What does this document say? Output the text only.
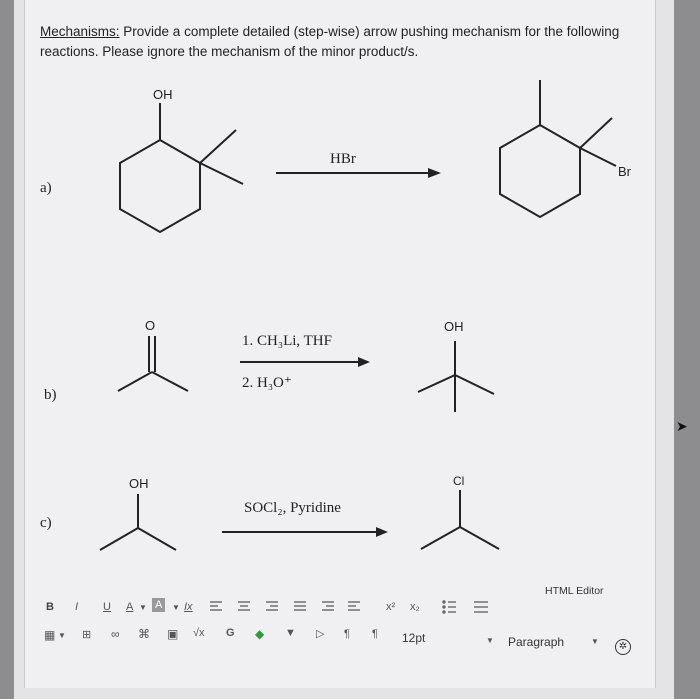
Mechanisms: Provide a complete detailed (step-wise) arrow pushing mechanism for the following reactions. Please ignore the mechanism of the minor product/s.
a)
b)
c)
OH
HBr
Br
O
1. CH₃Li, THF
2. H₃O⁺
OH
OH
SOCl₂, Pyridine
Cl
HTML Editor
B I U A ▼ A	▼ Ix	x² x₂
▦ ▼ ⊞ ∞ ⌘ ▣ √x G ◆ ▼ ▷ ¶ ¶ 12pt	▼ Paragraph	▼	✲
➤
